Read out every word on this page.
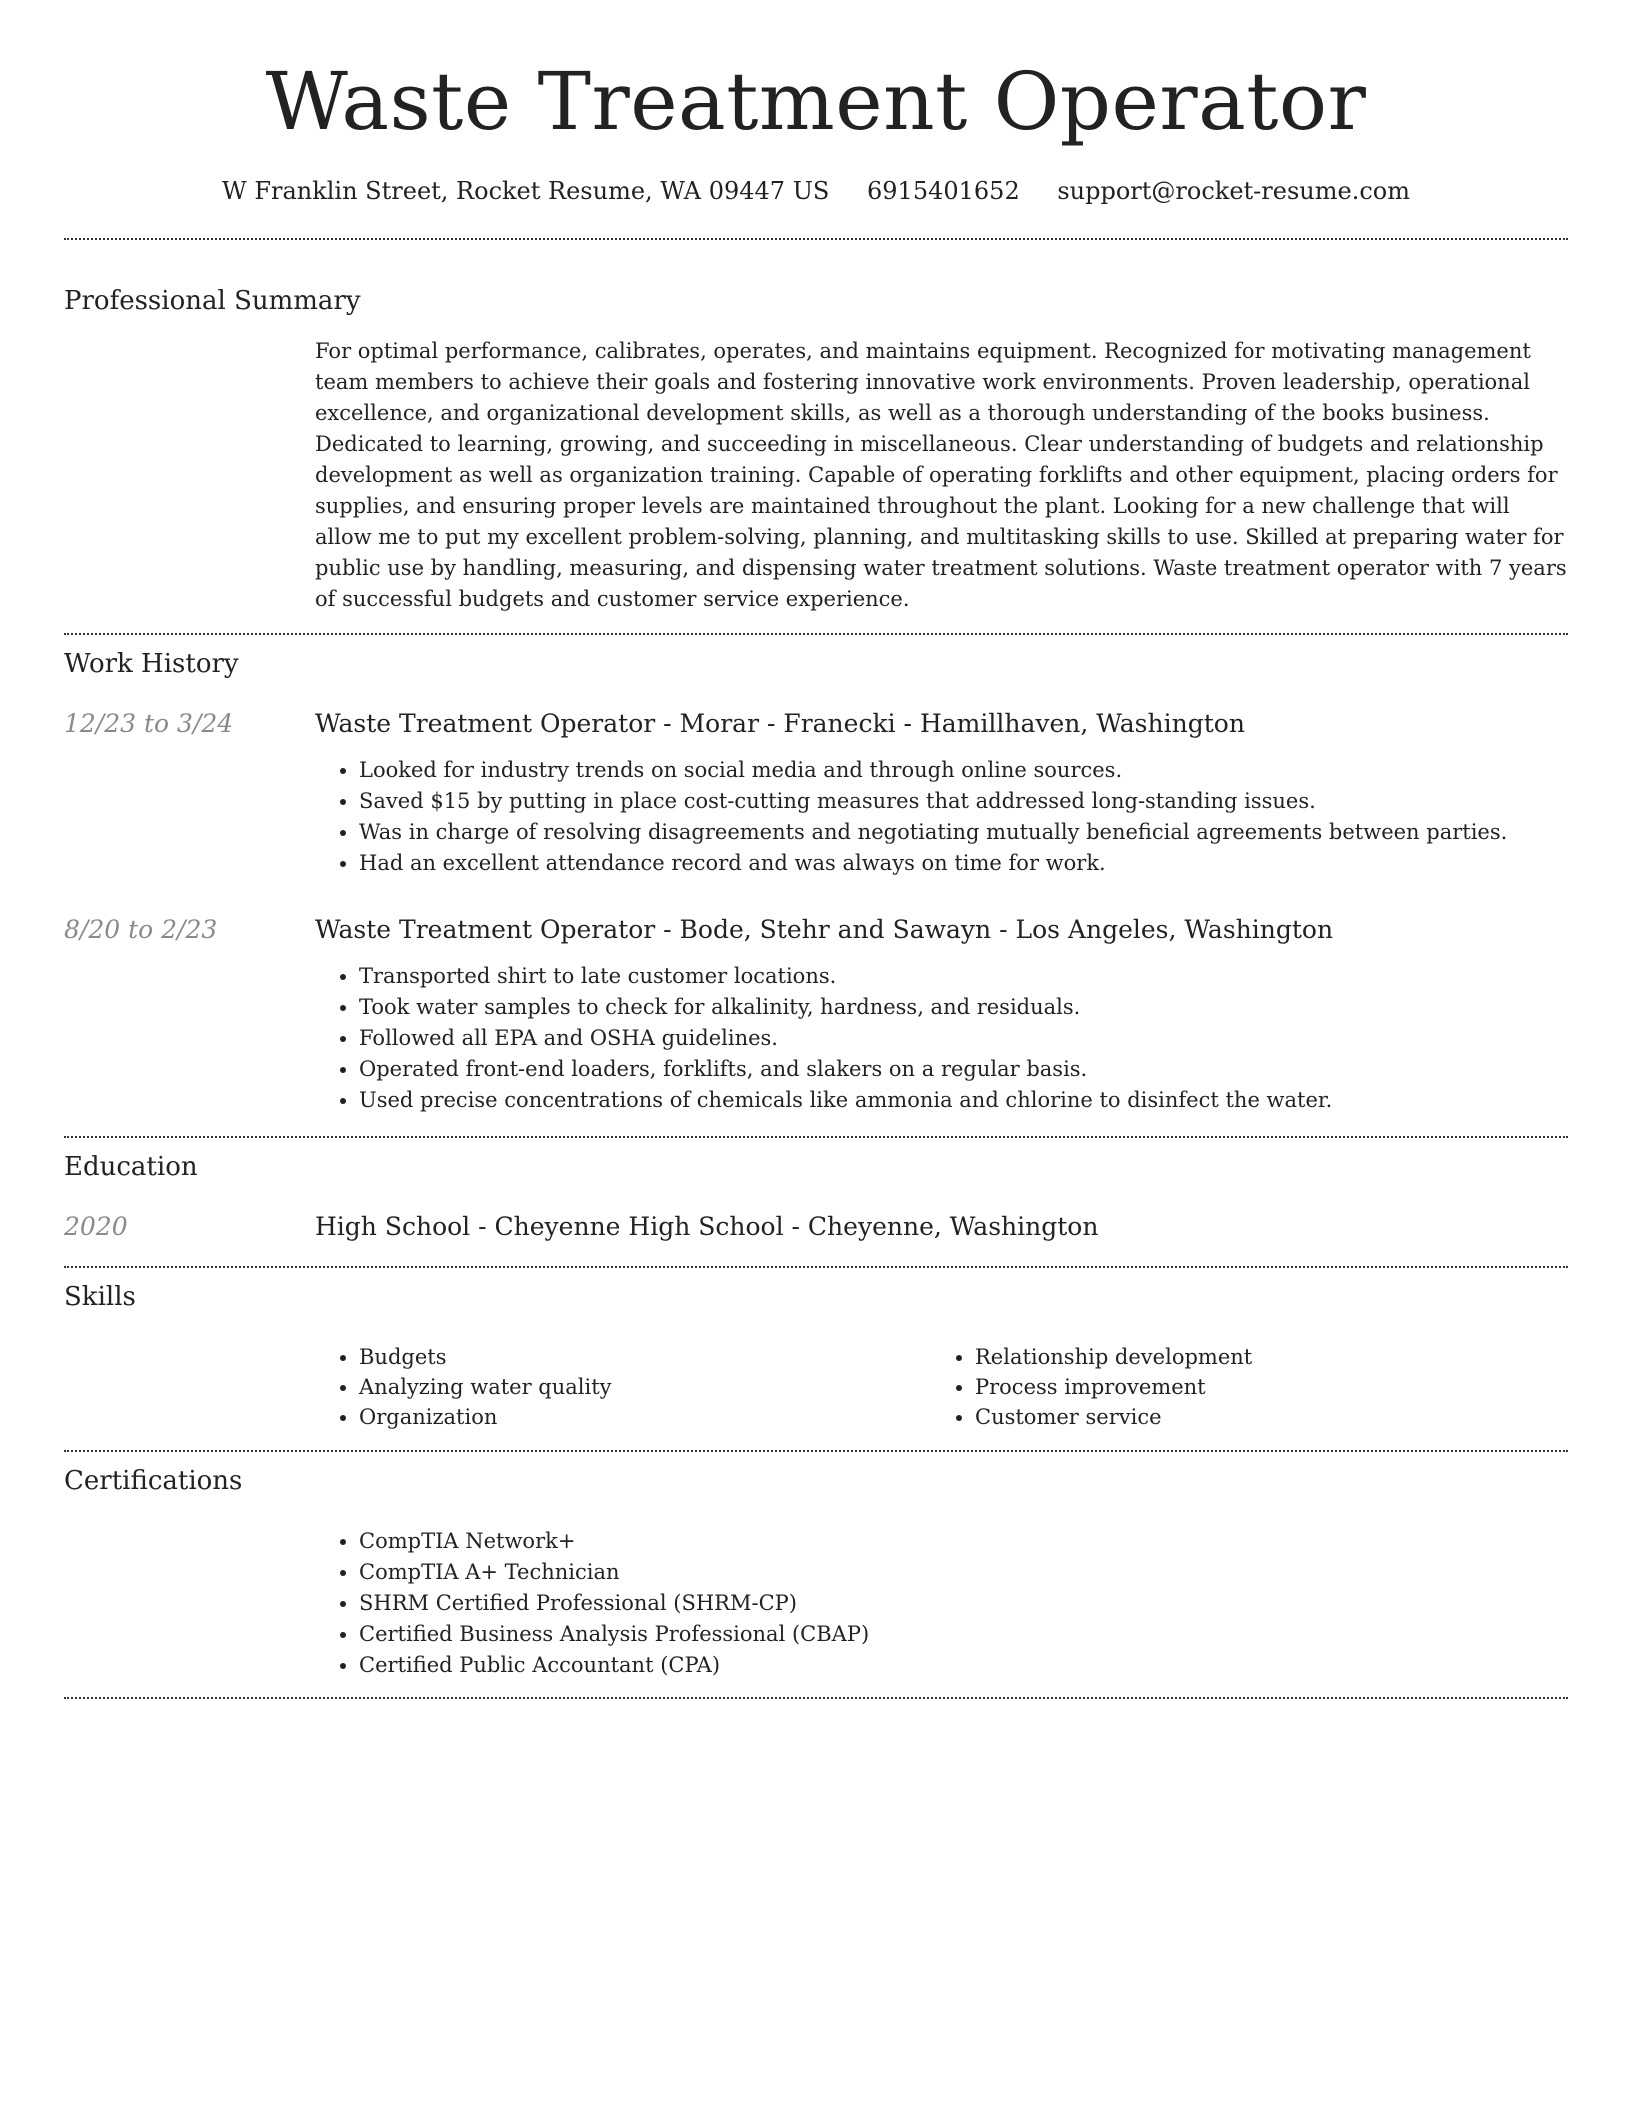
Waste Treatment Operator
W Franklin Street, Rocket Resume, WA 09447 US 6915401652 support@rocket-resume.com
Professional Summary

For optimal performance, calibrates, operates, and maintains equipment. Recognized for motivating management team members to achieve their goals and fostering innovative work environments. Proven leadership, operational excellence, and organizational development skills, as well as a thorough understanding of the books business. Dedicated to learning, growing, and succeeding in miscellaneous. Clear understanding of budgets and relationship development as well as organization training. Capable of operating forklifts and other equipment, placing orders for supplies, and ensuring proper levels are maintained throughout the plant. Looking for a new challenge that will allow me to put my excellent problem-solving, planning, and multitasking skills to use. Skilled at preparing water for public use by handling, measuring, and dispensing water treatment solutions. Waste treatment operator with 7 years of successful budgets and customer service experience.

Work History
12/23 to 3/24	Waste Treatment Operator - Morar - Franecki - Hamillhaven, Washington
• Looked for industry trends on social media and through online sources.
• Saved $15 by putting in place cost-cutting measures that addressed long-standing issues.
• Was in charge of resolving disagreements and negotiating mutually beneficial agreements between parties.
• Had an excellent attendance record and was always on time for work.
8/20 to 2/23	Waste Treatment Operator - Bode, Stehr and Sawayn - Los Angeles, Washington
• Transported shirt to late customer locations.
• Took water samples to check for alkalinity, hardness, and residuals.
• Followed all EPA and OSHA guidelines.
• Operated front-end loaders, forklifts, and slakers on a regular basis.
• Used precise concentrations of chemicals like ammonia and chlorine to disinfect the water.
Education
2020	High School - Cheyenne High School - Cheyenne, Washington
Skills
• Budgets
• Analyzing water quality
• Organization
• Relationship development
• Process improvement
• Customer service
Certifications
• CompTIA Network+
• CompTIA A+ Technician
• SHRM Certified Professional (SHRM-CP)
• Certified Business Analysis Professional (CBAP)
• Certified Public Accountant (CPA)
